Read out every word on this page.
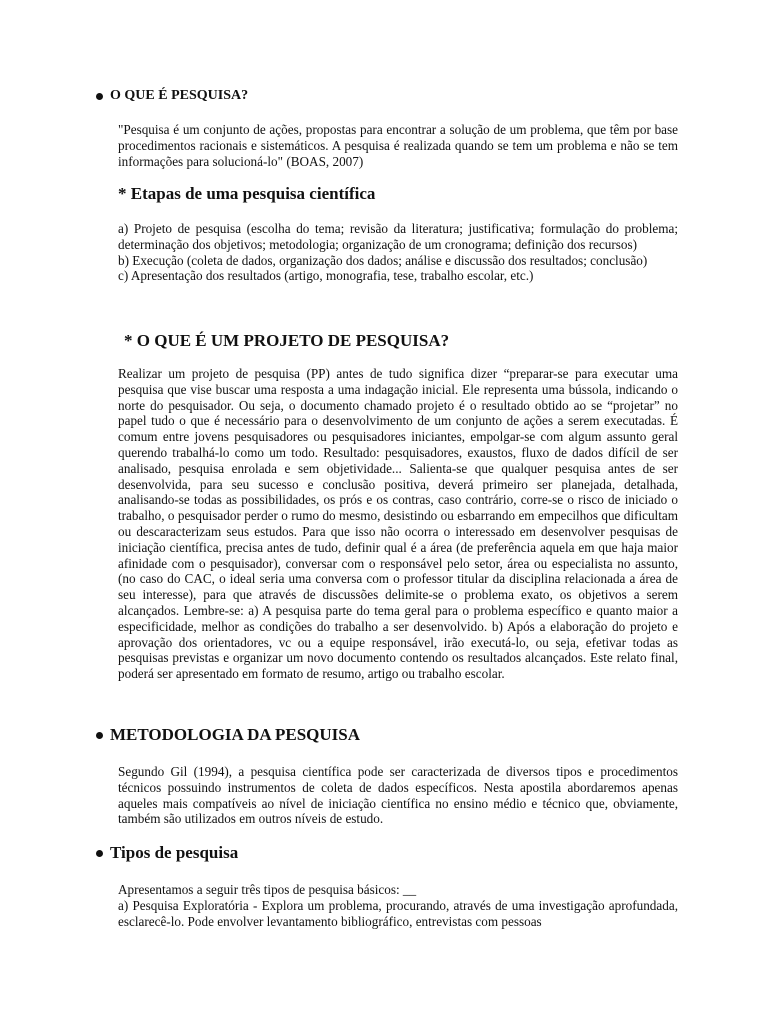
O QUE É PESQUISA?

"Pesquisa é um conjunto de ações, propostas para encontrar a solução de um problema, que têm por base procedimentos racionais e sistemáticos. A pesquisa é realizada quando se tem um problema e não se tem informações para solucioná-lo" (BOAS, 2007)

* Etapas de uma pesquisa científica

a) Projeto de pesquisa (escolha do tema; revisão da literatura; justificativa; formulação do problema; determinação dos objetivos; metodologia; organização de um cronograma; definição dos recursos)

b) Execução (coleta de dados, organização dos dados; análise e discussão dos resultados; conclusão)

c) Apresentação dos resultados (artigo, monografia, tese, trabalho escolar, etc.)

* O QUE É UM PROJETO DE PESQUISA?

Realizar um projeto de pesquisa (PP) antes de tudo significa dizer “preparar-se para executar uma pesquisa que vise buscar uma resposta a uma indagação inicial. Ele representa uma bússola, indicando o norte do pesquisador. Ou seja, o documento chamado projeto é o resultado obtido ao se “projetar” no papel tudo o que é necessário para o desenvolvimento de um conjunto de ações a serem executadas. É comum entre jovens pesquisadores ou pesquisadores iniciantes, empolgar-se com algum assunto geral querendo trabalhá-lo como um todo. Resultado: pesquisadores, exaustos, fluxo de dados difícil de ser analisado, pesquisa enrolada e sem objetividade... Salienta-se que qualquer pesquisa antes de ser desenvolvida, para seu sucesso e conclusão positiva, deverá primeiro ser planejada, detalhada, analisando-se todas as possibilidades, os prós e os contras, caso contrário, corre-se o risco de iniciado o trabalho, o pesquisador perder o rumo do mesmo, desistindo ou esbarrando em empecilhos que dificultam ou descaracterizam seus estudos. Para que isso não ocorra o interessado em desenvolver pesquisas de iniciação científica, precisa antes de tudo, definir qual é a área (de preferência aquela em que haja maior afinidade com o pesquisador), conversar com o responsável pelo setor, área ou especialista no assunto, (no caso do CAC, o ideal seria uma conversa com o professor titular da disciplina relacionada a área de seu interesse), para que através de discussões delimite-se o problema exato, os objetivos a serem alcançados. Lembre-se: a) A pesquisa parte do tema geral para o problema específico e quanto maior a especificidade, melhor as condições do trabalho a ser desenvolvido. b) Após a elaboração do projeto e aprovação dos orientadores, vc ou a equipe responsável, irão executá-lo, ou seja, efetivar todas as pesquisas previstas e organizar um novo documento contendo os resultados alcançados. Este relato final, poderá ser apresentado em formato de resumo, artigo ou trabalho escolar.

METODOLOGIA DA PESQUISA

Segundo Gil (1994), a pesquisa científica pode ser caracterizada de diversos tipos e procedimentos técnicos possuindo instrumentos de coleta de dados específicos. Nesta apostila abordaremos apenas aqueles mais compatíveis ao nível de iniciação científica no ensino médio e técnico que, obviamente, também são utilizados em outros níveis de estudo.

Tipos de pesquisa

Apresentamos a seguir três tipos de pesquisa básicos: __

a) Pesquisa Exploratória - Explora um problema, procurando, através de uma investigação aprofundada, esclarecê-lo. Pode envolver levantamento bibliográfico, entrevistas com pessoas
